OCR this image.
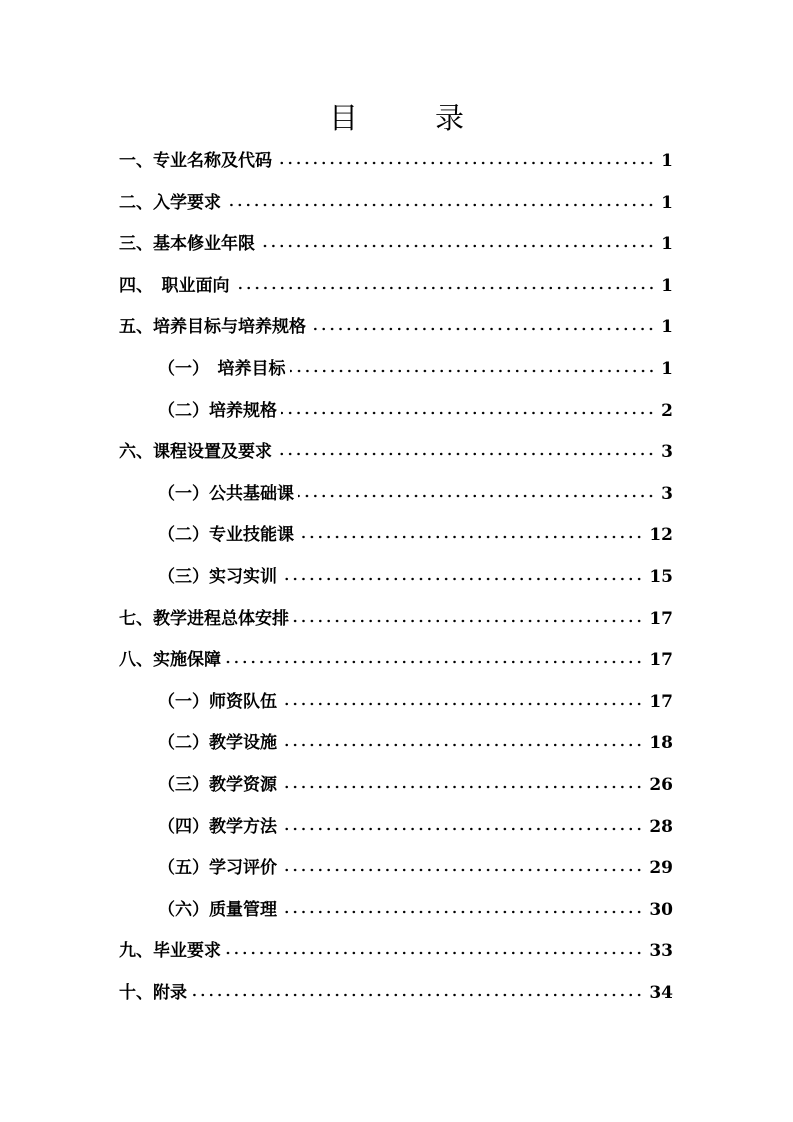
目　录
一、专业名称及代码	1
二、入学要求	1
三、基本修业年限	1
四、　职业面向	1
五、培养目标与培养规格	1
（一）　培养目标	1
（二）培养规格	2
六、课程设置及要求	3
（一）公共基础课	3
（二）专业技能课	12
（三）实习实训	15
七、教学进程总体安排	17
八、实施保障	17
（一）师资队伍	17
（二）教学设施	18
（三）教学资源	26
（四）教学方法	28
（五）学习评价	29
（六）质量管理	30
九、毕业要求	33
十、附录	34
